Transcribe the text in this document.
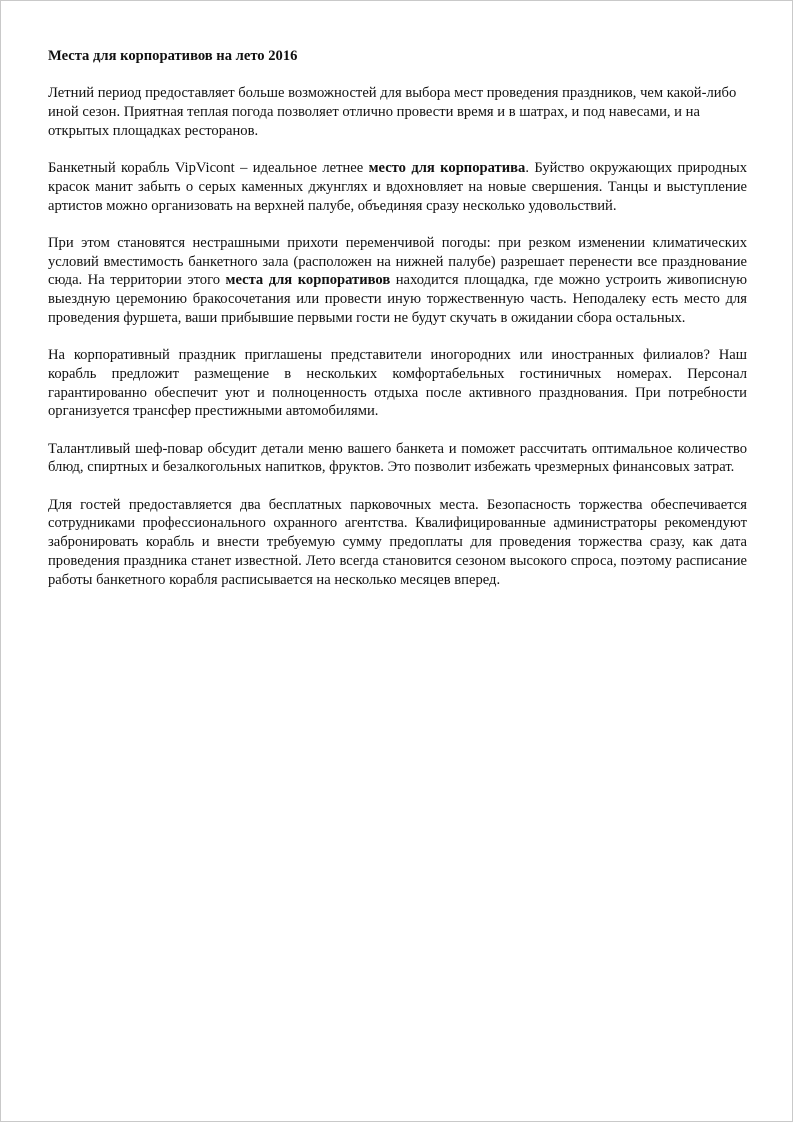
Места для корпоративов на лето 2016

Летний период предоставляет больше возможностей для выбора мест проведения праздников, чем какой-либо иной сезон. Приятная теплая погода позволяет отлично провести время и в шатрах, и под навесами, и на открытых площадках ресторанов.

Банкетный корабль VipVicont – идеальное летнее место для корпоратива. Буйство окружающих природных красок манит забыть о серых каменных джунглях и вдохновляет на новые свершения. Танцы и выступление артистов можно организовать на верхней палубе, объединяя сразу несколько удовольствий.

При этом становятся нестрашными прихоти переменчивой погоды: при резком изменении климатических условий вместимость банкетного зала (расположен на нижней палубе) разрешает перенести все празднование сюда. На территории этого места для корпоративов находится площадка, где можно устроить живописную выездную церемонию бракосочетания или провести иную торжественную часть. Неподалеку есть место для проведения фуршета, ваши прибывшие первыми гости не будут скучать в ожидании сбора остальных.

На корпоративный праздник приглашены представители иногородних или иностранных филиалов? Наш корабль предложит размещение в нескольких комфортабельных гостиничных номерах. Персонал гарантированно обеспечит уют и полноценность отдыха после активного празднования. При потребности организуется трансфер престижными автомобилями.

Талантливый шеф-повар обсудит детали меню вашего банкета и поможет рассчитать оптимальное количество блюд, спиртных и безалкогольных напитков, фруктов. Это позволит избежать чрезмерных финансовых затрат.

Для гостей предоставляется два бесплатных парковочных места. Безопасность торжества обеспечивается сотрудниками профессионального охранного агентства. Квалифицированные администраторы рекомендуют забронировать корабль и внести требуемую сумму предоплаты для проведения торжества сразу, как дата проведения праздника станет известной. Лето всегда становится сезоном высокого спроса, поэтому расписание работы банкетного корабля расписывается на несколько месяцев вперед.
